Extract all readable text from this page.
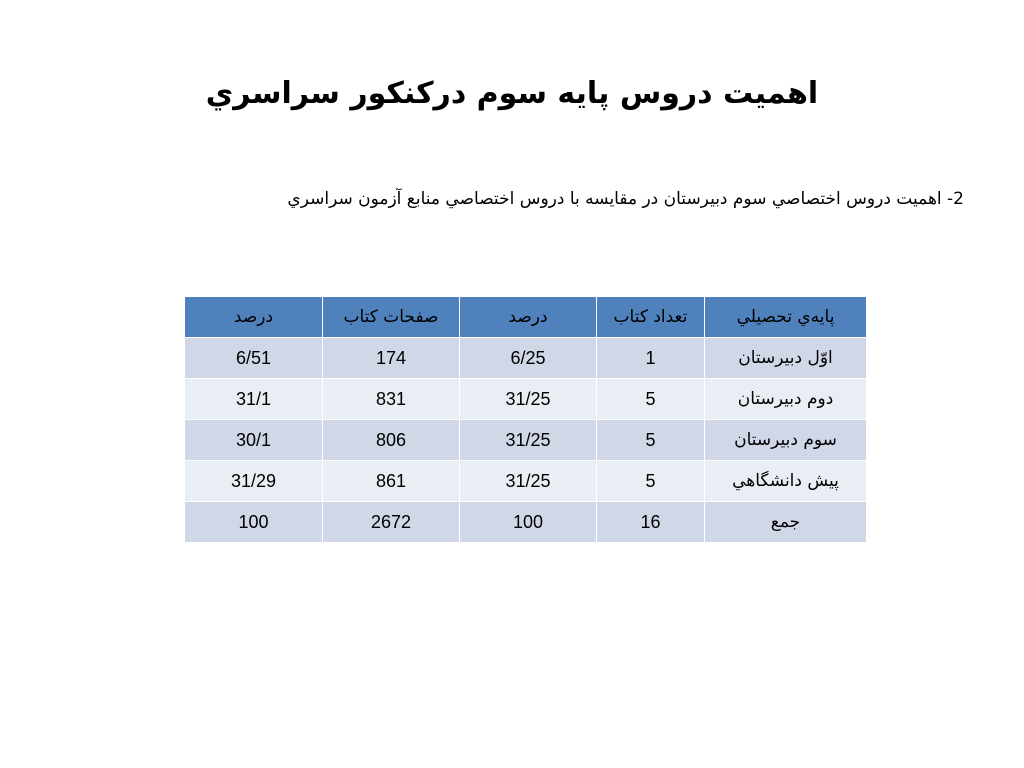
اهميت دروس پايه سوم درکنکور سراسري
2- اهميت دروس اختصاصي سوم دبيرستان در مقايسه با دروس اختصاصي منابع آزمون سراسري
پايه‌ي تحصيلي	تعداد کتاب	درصد	صفحات کتاب	درصد
اوّل دبيرستان	1	6/25	174	6/51
دوم دبيرستان	5	31/25	831	31/1
سوم دبيرستان	5	31/25	806	30/1
پيش دانشگاهي	5	31/25	861	31/29
جمع	16	100	2672	100
